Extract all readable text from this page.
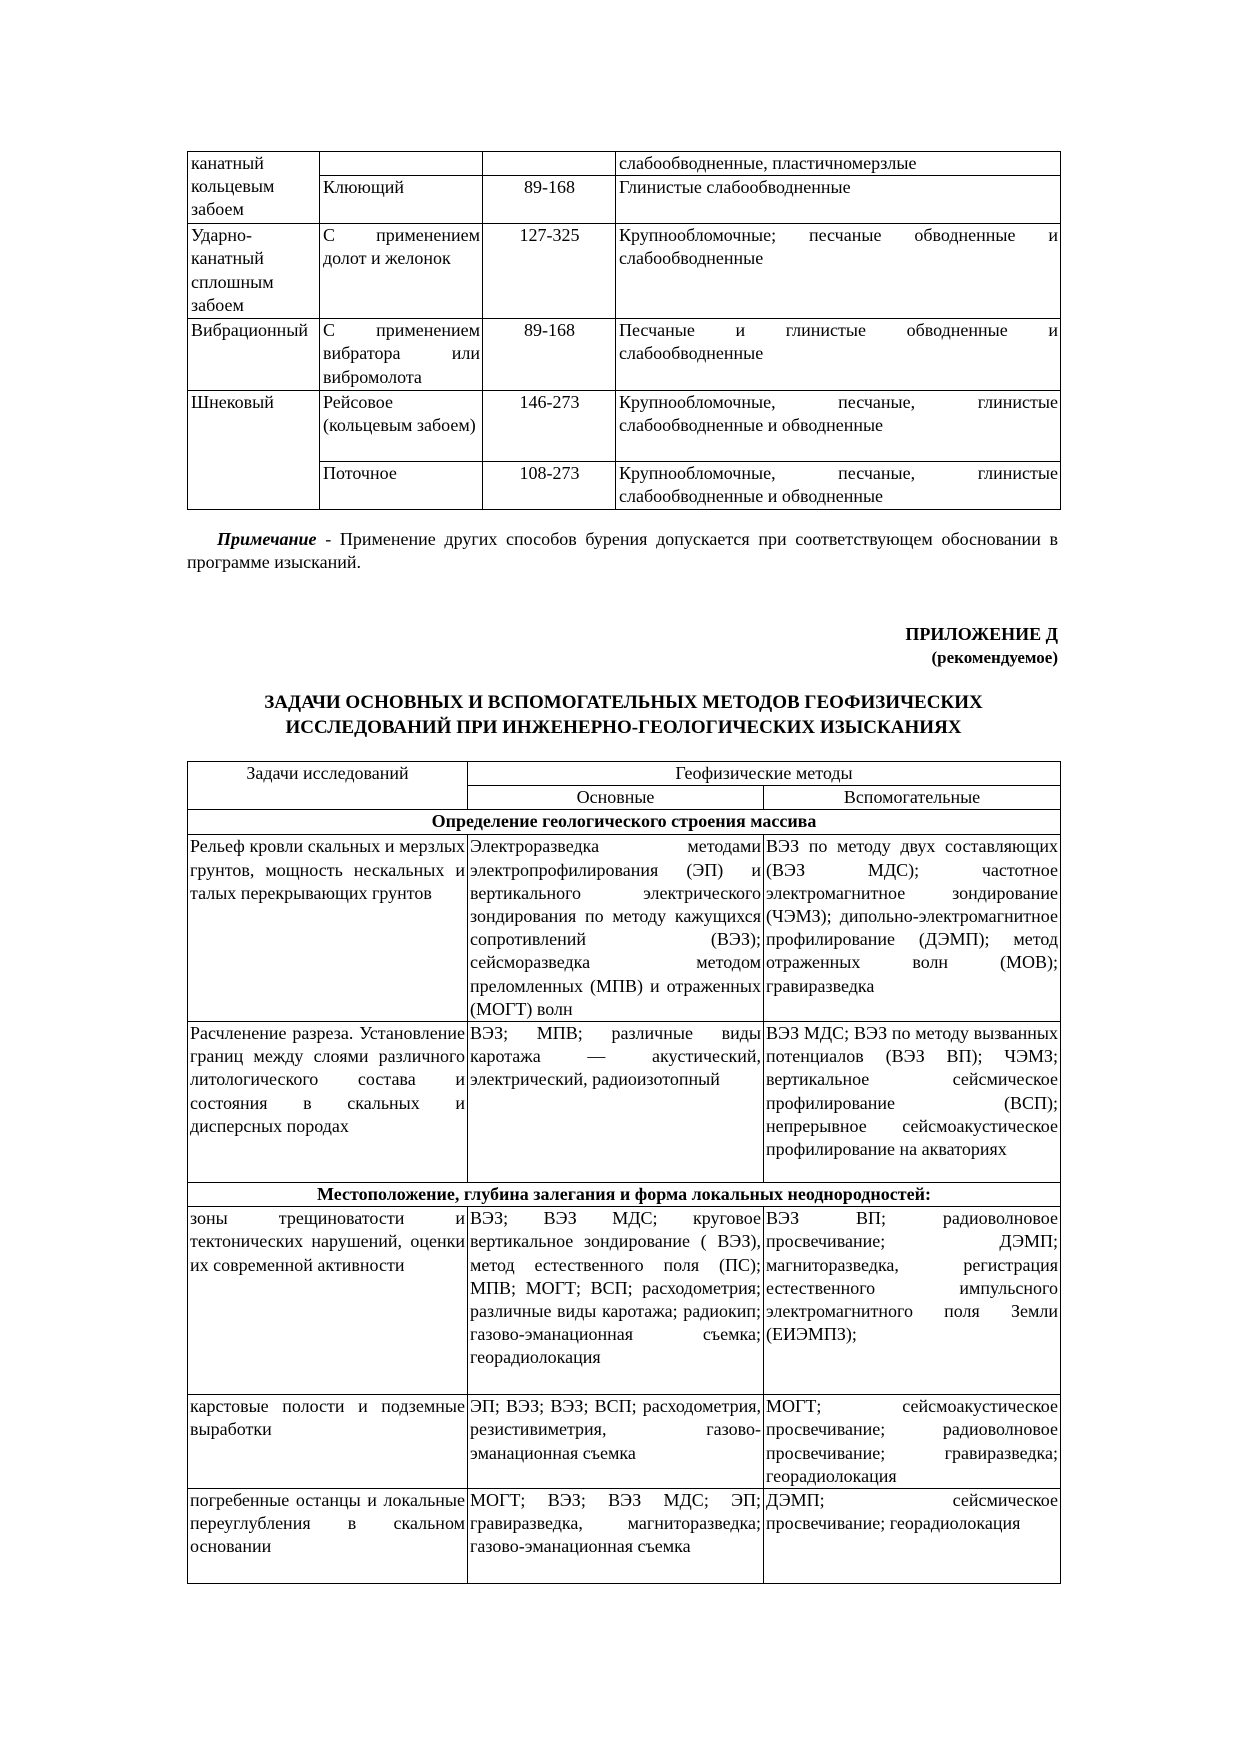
канатный кольцевым забоем			слабообводненные, пластичномерзлые
	Клюющий	89-168	Глинистые слабообводненные
Ударно-канатный сплошным забоем	С применением долот и желонок	127-325	Крупнообломочные; песчаные обводненные и слабообводненные
Вибрационный	С применением вибратора или вибромолота	89-168	Песчаные и глинистые обводненные и слабообводненные
Шнековый	Рейсовое (кольцевым забоем)	146-273	Крупнообломочные, песчаные, глинистые слабообводненные и обводненные
	Поточное	108-273	Крупнообломочные, песчаные, глинистые слабообводненные и обводненные

Примечание - Применение других способов бурения допускается при соответствующем обосновании в программе изысканий.

ПРИЛОЖЕНИЕ Д
(рекомендуемое)
ЗАДАЧИ ОСНОВНЫХ И ВСПОМОГАТЕЛЬНЫХ МЕТОДОВ ГЕОФИЗИЧЕСКИХ
ИССЛЕДОВАНИЙ ПРИ ИНЖЕНЕРНО-ГЕОЛОГИЧЕСКИХ ИЗЫСКАНИЯХ
Задачи исследований	Геофизические методы	
	Основные	Вспомогательные
Определение геологического строения массива		
Рельеф кровли скальных и мерзлых грунтов, мощность нескальных и талых перекрывающих грунтов	Электроразведка методами электропрофилирования (ЭП) и вертикального электрического зондирования по методу кажущихся сопротивлений (ВЭЗ); сейсморазведка методом преломленных (МПВ) и отраженных (МОГТ) волн	ВЭЗ по методу двух составляющих (ВЭЗ МДС); частотное электромагнитное зондирование (ЧЭМЗ); дипольно-электромагнитное профилирование (ДЭМП); метод отраженных волн (МОВ); гравиразведка
Расчленение разреза. Установление границ между слоями различного литологического состава и состояния в скальных и дисперсных породах	ВЭЗ; МПВ; различные виды каротажа — акустический, электрический, радиоизотопный	ВЭЗ МДС; ВЭЗ по методу вызванных потенциалов (ВЭЗ ВП); ЧЭМЗ; вертикальное сейсмическое профилирование (ВСП); непрерывное сейсмоакустическое профилирование на акваториях
Местоположение, глубина залегания и форма локальных неоднородностей:		
зоны трещиноватости и тектонических нарушений, оценки их современной активности	ВЭЗ; ВЭЗ МДС; круговое вертикальное зондирование ( ВЭЗ), метод естественного поля (ПС); МПВ; МОГТ; ВСП; расходометрия; различные виды каротажа; радиокип; газово-эманационная съемка; георадиолокация	ВЭЗ ВП; радиоволновое просвечивание; ДЭМП; магниторазведка, регистрация естественного импульсного электромагнитного поля Земли (ЕИЭМПЗ);
карстовые полости и подземные выработки	ЭП; ВЭЗ; ВЭЗ; ВСП; расходометрия, резистивиметрия, газово-эманационная съемка	МОГТ; сейсмоакустическое просвечивание; радиоволновое просвечивание; гравиразведка; георадиолокация
погребенные останцы и локальные переуглубления в скальном основании	МОГТ; ВЭЗ; ВЭЗ МДС; ЭП; гравиразведка, магниторазведка; газово-эманационная съемка	ДЭМП; сейсмическое просвечивание; георадиолокация
